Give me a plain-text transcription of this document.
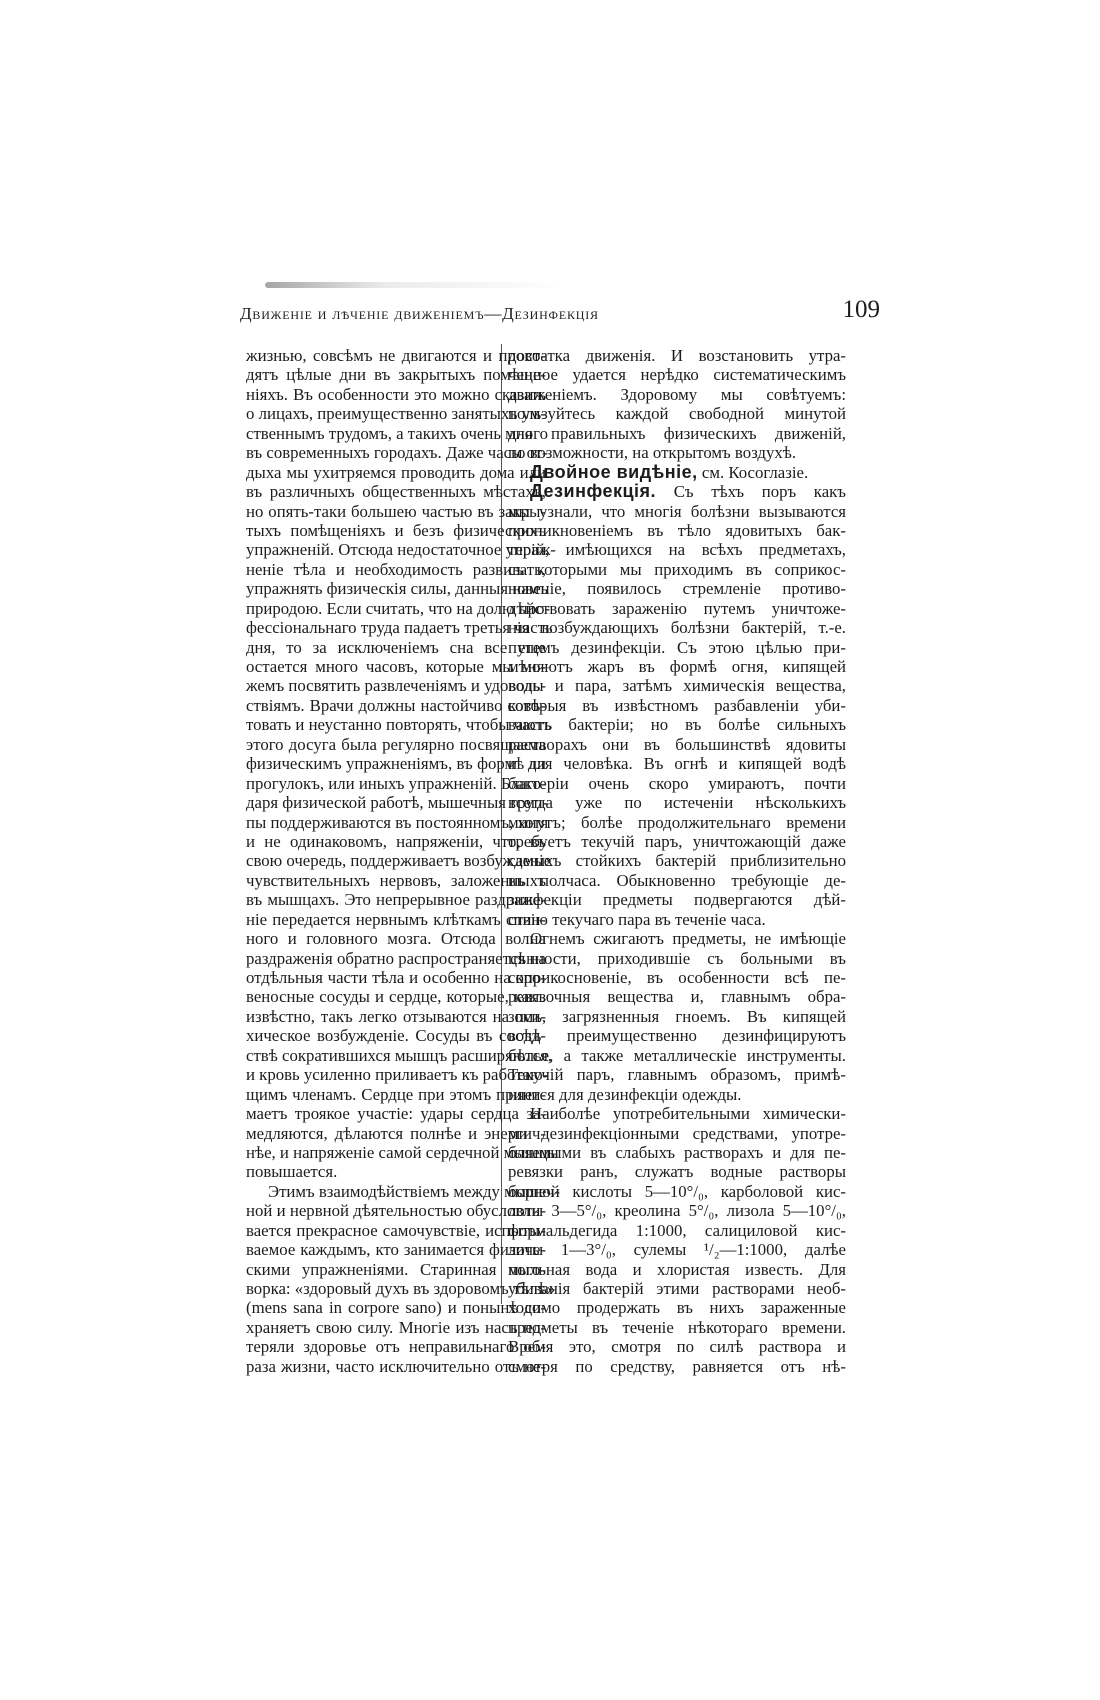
Движенiе и лѣченiе движенiемъ—Дезинфекцiя	109
жизнью, совсѣмъ не двигаются и прово-
дятъ цѣлые дни въ закрытыхъ помѣще-
нiяхъ. Въ особенности это можно сказать
о лицахъ, преимущественно занятыхъ ум-
ственнымъ трудомъ, а такихъ очень много
въ современныхъ городахъ. Даже часы от-
дыха мы ухитряемся проводить дома или
въ различныхъ общественныхъ мѣстахъ,
но опять-таки большею частью въ закры-
тыхъ помѣщенiяхъ и безъ физическихъ
упражненiй. Отсюда недостаточное упраж-
ненiе тѣла и необходимость развивать,
упражнять физическiя силы, данныя намъ
природою. Если считать, что на долю про-
фессiональнаго труда падаетъ третья часть
дня, то за исключенiемъ сна все еще
остается много часовъ, которые мы мо-
жемъ посвятить развлеченiямъ и удоволь-
ствiямъ. Врачи должны настойчиво совѣ-
товать и неустанно повторять, чтобы часть
этого досуга была регулярно посвящаема
физическимъ упражненiямъ, въ формѣ ли
прогулокъ, или иныхъ упражненiй. Благо-
даря физической работѣ, мышечныя груп-
пы поддерживаются въ постоянномъ, хотя
и не одинаковомъ, напряженiи, что, въ
свою очередь, поддерживаетъ возбужденiе
чувствительныхъ нервовъ, заложенныхъ
въ мышцахъ. Это непрерывное раздраже-
нiе передается нервнымъ клѣткамъ спин-
ного и головного мозга. Отсюда волна
раздраженiя обратно распространяется на
отдѣльныя части тѣла и особенно на кро-
веносные сосуды и сердце, которые, какъ
извѣстно, такъ легко отзываются на пси-
хическое возбужденiе. Сосуды въ сосѣд-
ствѣ сократившихся мышцъ расширяются,
и кровь усиленно приливаетъ къ работаю-
щимъ членамъ. Сердце при этомъ прини-
маетъ троякое участiе: удары сердца за-
медляются, дѣлаются полнѣе и энергич-
нѣе, и напряженiе самой сердечной мышцы
повышается.
Этимъ взаимодѣйствiемъ между мышеч-
ной и нервной дѣятельностью обусловли-
вается прекрасное самочувствiе, испыты-
ваемое каждымъ, кто занимается физиче-
скими упражненiями. Старинная пого-
ворка: «здоровый духъ въ здоровомъ тѣлѣ»
(mens sana in corpore sano) и понынѣ со-
храняетъ свою силу. Многiе изъ насъ по-
теряли здоровье отъ неправильнаго об-
раза жизни, часто исключительно отъ не-
достатка движенiя. И возстановить утра-
ченное удается нерѣдко систематическимъ
движенiемъ. Здоровому мы совѣтуемъ:
пользуйтесь каждой свободной минутой
для правильныхъ физическихъ движенiй,
по возможности, на открытомъ воздухѣ.
Двойное видѣнiе, см. Косоглазiе.
Дезинфекцiя. Съ тѣхъ поръ какъ
мы узнали, что многiя болѣзни вызываются
проникновенiемъ въ тѣло ядовитыхъ бак-
терiй, имѣющихся на всѣхъ предметахъ,
съ которыми мы приходимъ въ соприкос-
новенiе, появилось стремленiе противо-
дѣйствовать зараженiю путемъ уничтоже-
нiя возбуждающихъ болѣзни бактерiй, т.-е.
путемъ дезинфекцiи. Съ этою цѣлью при-
мѣняютъ жаръ въ формѣ огня, кипящей
воды и пара, затѣмъ химическiя вещества,
которыя въ извѣстномъ разбавленiи уби-
ваютъ бактерiи; но въ болѣе сильныхъ
растворахъ они въ большинствѣ ядовиты
и для человѣка. Въ огнѣ и кипящей водѣ
бактерiи очень скоро умираютъ, почти
всегда уже по истеченiи нѣсколькихъ
минутъ; болѣе продолжительнаго времени
требуетъ текучiй паръ, уничтожающiй даже
самыхъ стойкихъ бактерiй приблизительно
въ полчаса. Обыкновенно требующiе де-
зинфекцiи предметы подвергаются дѣй-
ствiю текучаго пара въ теченiе часа.
Огнемъ сжигаютъ предметы, не имѣющiе
цѣнности, приходившiе съ больными въ
соприкосновенiе, въ особенности всѣ пе-
ревязочныя вещества и, главнымъ обра-
зомъ, загрязненныя гноемъ. Въ кипящей
водѣ преимущественно дезинфицируютъ
бѣлье, а также металлическiе инструменты.
Текучiй паръ, главнымъ образомъ, примѣ-
няется для дезинфекцiи одежды.
Наиболѣе употребительными химически-
ми дезинфекцiонными средствами, употре-
бляемыми въ слабыхъ растворахъ и для пе-
ревязки ранъ, служатъ водные растворы
борной кислоты 5—10°/₀, карболовой кис-
лоты 3—5°/₀, креолина 5°/₀, лизола 5—10°/₀,
формальдегида 1:1000, салициловой кис-
лоты 1—3°/₀, сулемы ¹/₂—1:1000, далѣе
мыльная вода и хлористая известь. Для
убиванiя бактерiй этими растворами необ-
ходимо продержать въ нихъ зараженные
предметы въ теченiе нѣкотораго времени.
Время это, смотря по силѣ раствора и
смотря по средству, равняется отъ нѣ-
